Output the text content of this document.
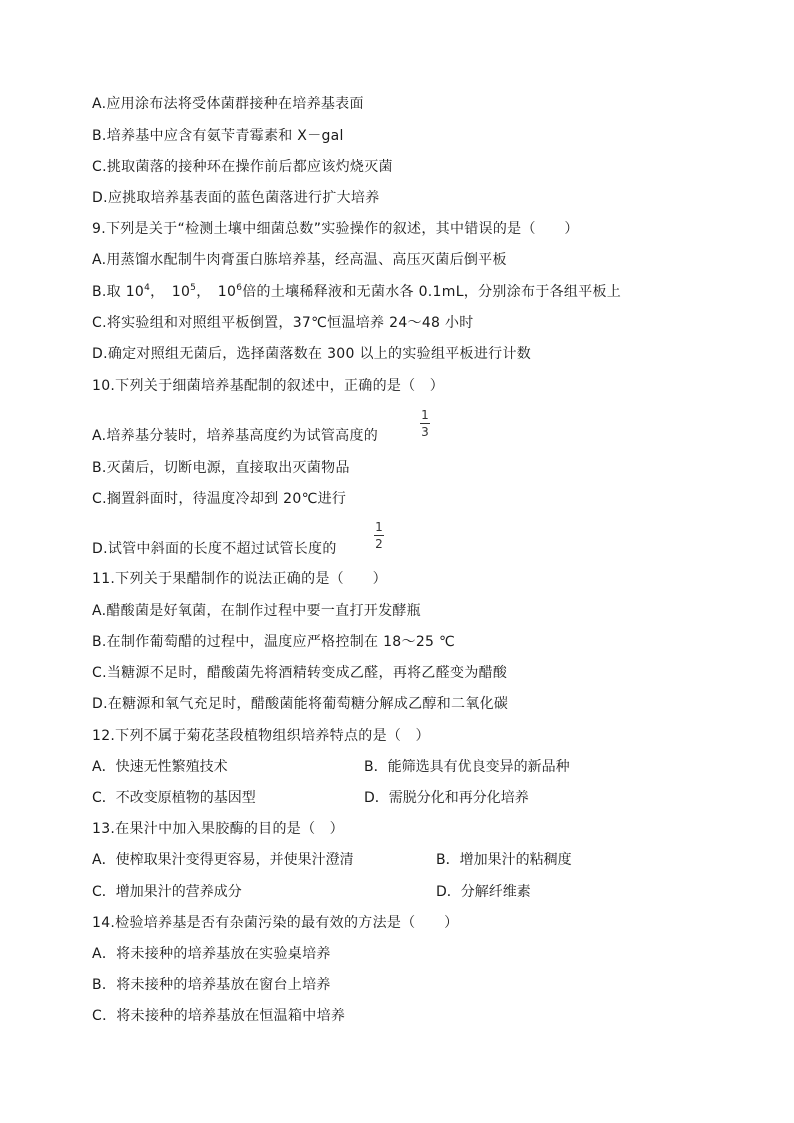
A.应用涂布法将受体菌群接种在培养基表面
B.培养基中应含有氨苄青霉素和 X－gal
C.挑取菌落的接种环在操作前后都应该灼烧灭菌
D.应挑取培养基表面的蓝色菌落进行扩大培养
9.下列是关于“检测土壤中细菌总数”实验操作的叙述，其中错误的是（　　）
A.用蒸馏水配制牛肉膏蛋白胨培养基，经高温、高压灭菌后倒平板
B.取 $10^4$，　$10^5$，　$10^6$倍的土壤稀释液和无菌水各 0.1mL，分别涂布于各组平板上
C.将实验组和对照组平板倒置，37℃恒温培养 24～48 小时
D.确定对照组无菌后，选择菌落数在 300 以上的实验组平板进行计数
10.下列关于细菌培养基配制的叙述中，正确的是（　）
A.培养基分装时，培养基高度约为试管高度的
1
3
B.灭菌后，切断电源，直接取出灭菌物品
C.搁置斜面时，待温度冷却到 20℃进行
D.试管中斜面的长度不超过试管长度的
1
2
11.下列关于果醋制作的说法正确的是（　　）
A.醋酸菌是好氧菌，在制作过程中要一直打开发酵瓶
B.在制作葡萄醋的过程中，温度应严格控制在 18～25 ℃
C.当糖源不足时，醋酸菌先将酒精转变成乙醛，再将乙醛变为醋酸
D.在糖源和氧气充足时，醋酸菌能将葡萄糖分解成乙醇和二氧化碳
12.下列不属于菊花茎段植物组织培养特点的是（　）
A．快速无性繁殖技术	B．能筛选具有优良变异的新品种
C．不改变原植物的基因型	D．需脱分化和再分化培养
13.在果汁中加入果胶酶的目的是（　）
A．使榨取果汁变得更容易，并使果汁澄清	B．增加果汁的粘稠度
C．增加果汁的营养成分	D．分解纤维素
14.检验培养基是否有杂菌污染的最有效的方法是（　　）
A．将未接种的培养基放在实验桌培养
B．将未接种的培养基放在窗台上培养
C．将未接种的培养基放在恒温箱中培养
